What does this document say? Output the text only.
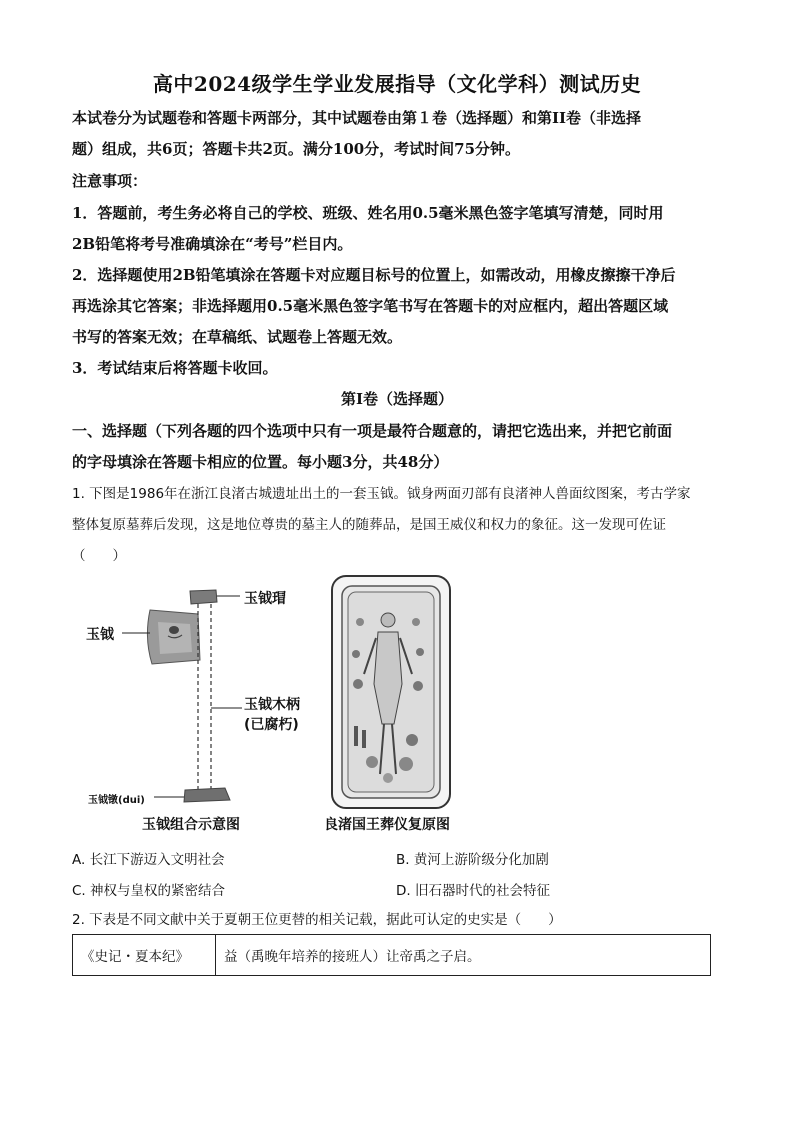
高中2024级学生学业发展指导（文化学科）测试历史
本试卷分为试题卷和答题卡两部分，其中试题卷由第１卷（选择题）和第II卷（非选择
题）组成，共6页；答题卡共2页。满分100分，考试时间75分钟。
注意事项：
1．答题前，考生务必将自己的学校、班级、姓名用0.5毫米黑色签字笔填写清楚，同时用
2B铅笔将考号准确填涂在“考号”栏目内。
2．选择题使用2B铅笔填涂在答题卡对应题目标号的位置上，如需改动，用橡皮擦擦干净后
再选涂其它答案；非选择题用0.5毫米黑色签字笔书写在答题卡的对应框内，超出答题区域
书写的答案无效；在草稿纸、试题卷上答题无效。
3．考试结束后将答题卡收回。
第Ⅰ卷（选择题）
一、选择题（下列各题的四个选项中只有一项是最符合题意的，请把它选出来，并把它前面
的字母填涂在答题卡相应的位置。每小题3分，共48分）
1. 下图是1986年在浙江良渚古城遗址出土的一套玉钺。钺身两面刃部有良渚神人兽面纹图案，考古学家
整体复原墓葬后发现，这是地位尊贵的墓主人的随葬品，是国王威仪和权力的象征。这一发现可佐证
（　　）
玉钺
玉钺瑁
玉钺木柄
(已腐朽)
玉钺镦(dui)
玉钺组合示意图	良渚国王葬仪复原图
A. 长江下游迈入文明社会	B. 黄河上游阶级分化加剧
C. 神权与皇权的紧密结合	D. 旧石器时代的社会特征
2. 下表是不同文献中关于夏朝王位更替的相关记载，据此可认定的史实是（　　）
《史记・夏本纪》	益（禹晚年培养的接班人）让帝禹之子启。
